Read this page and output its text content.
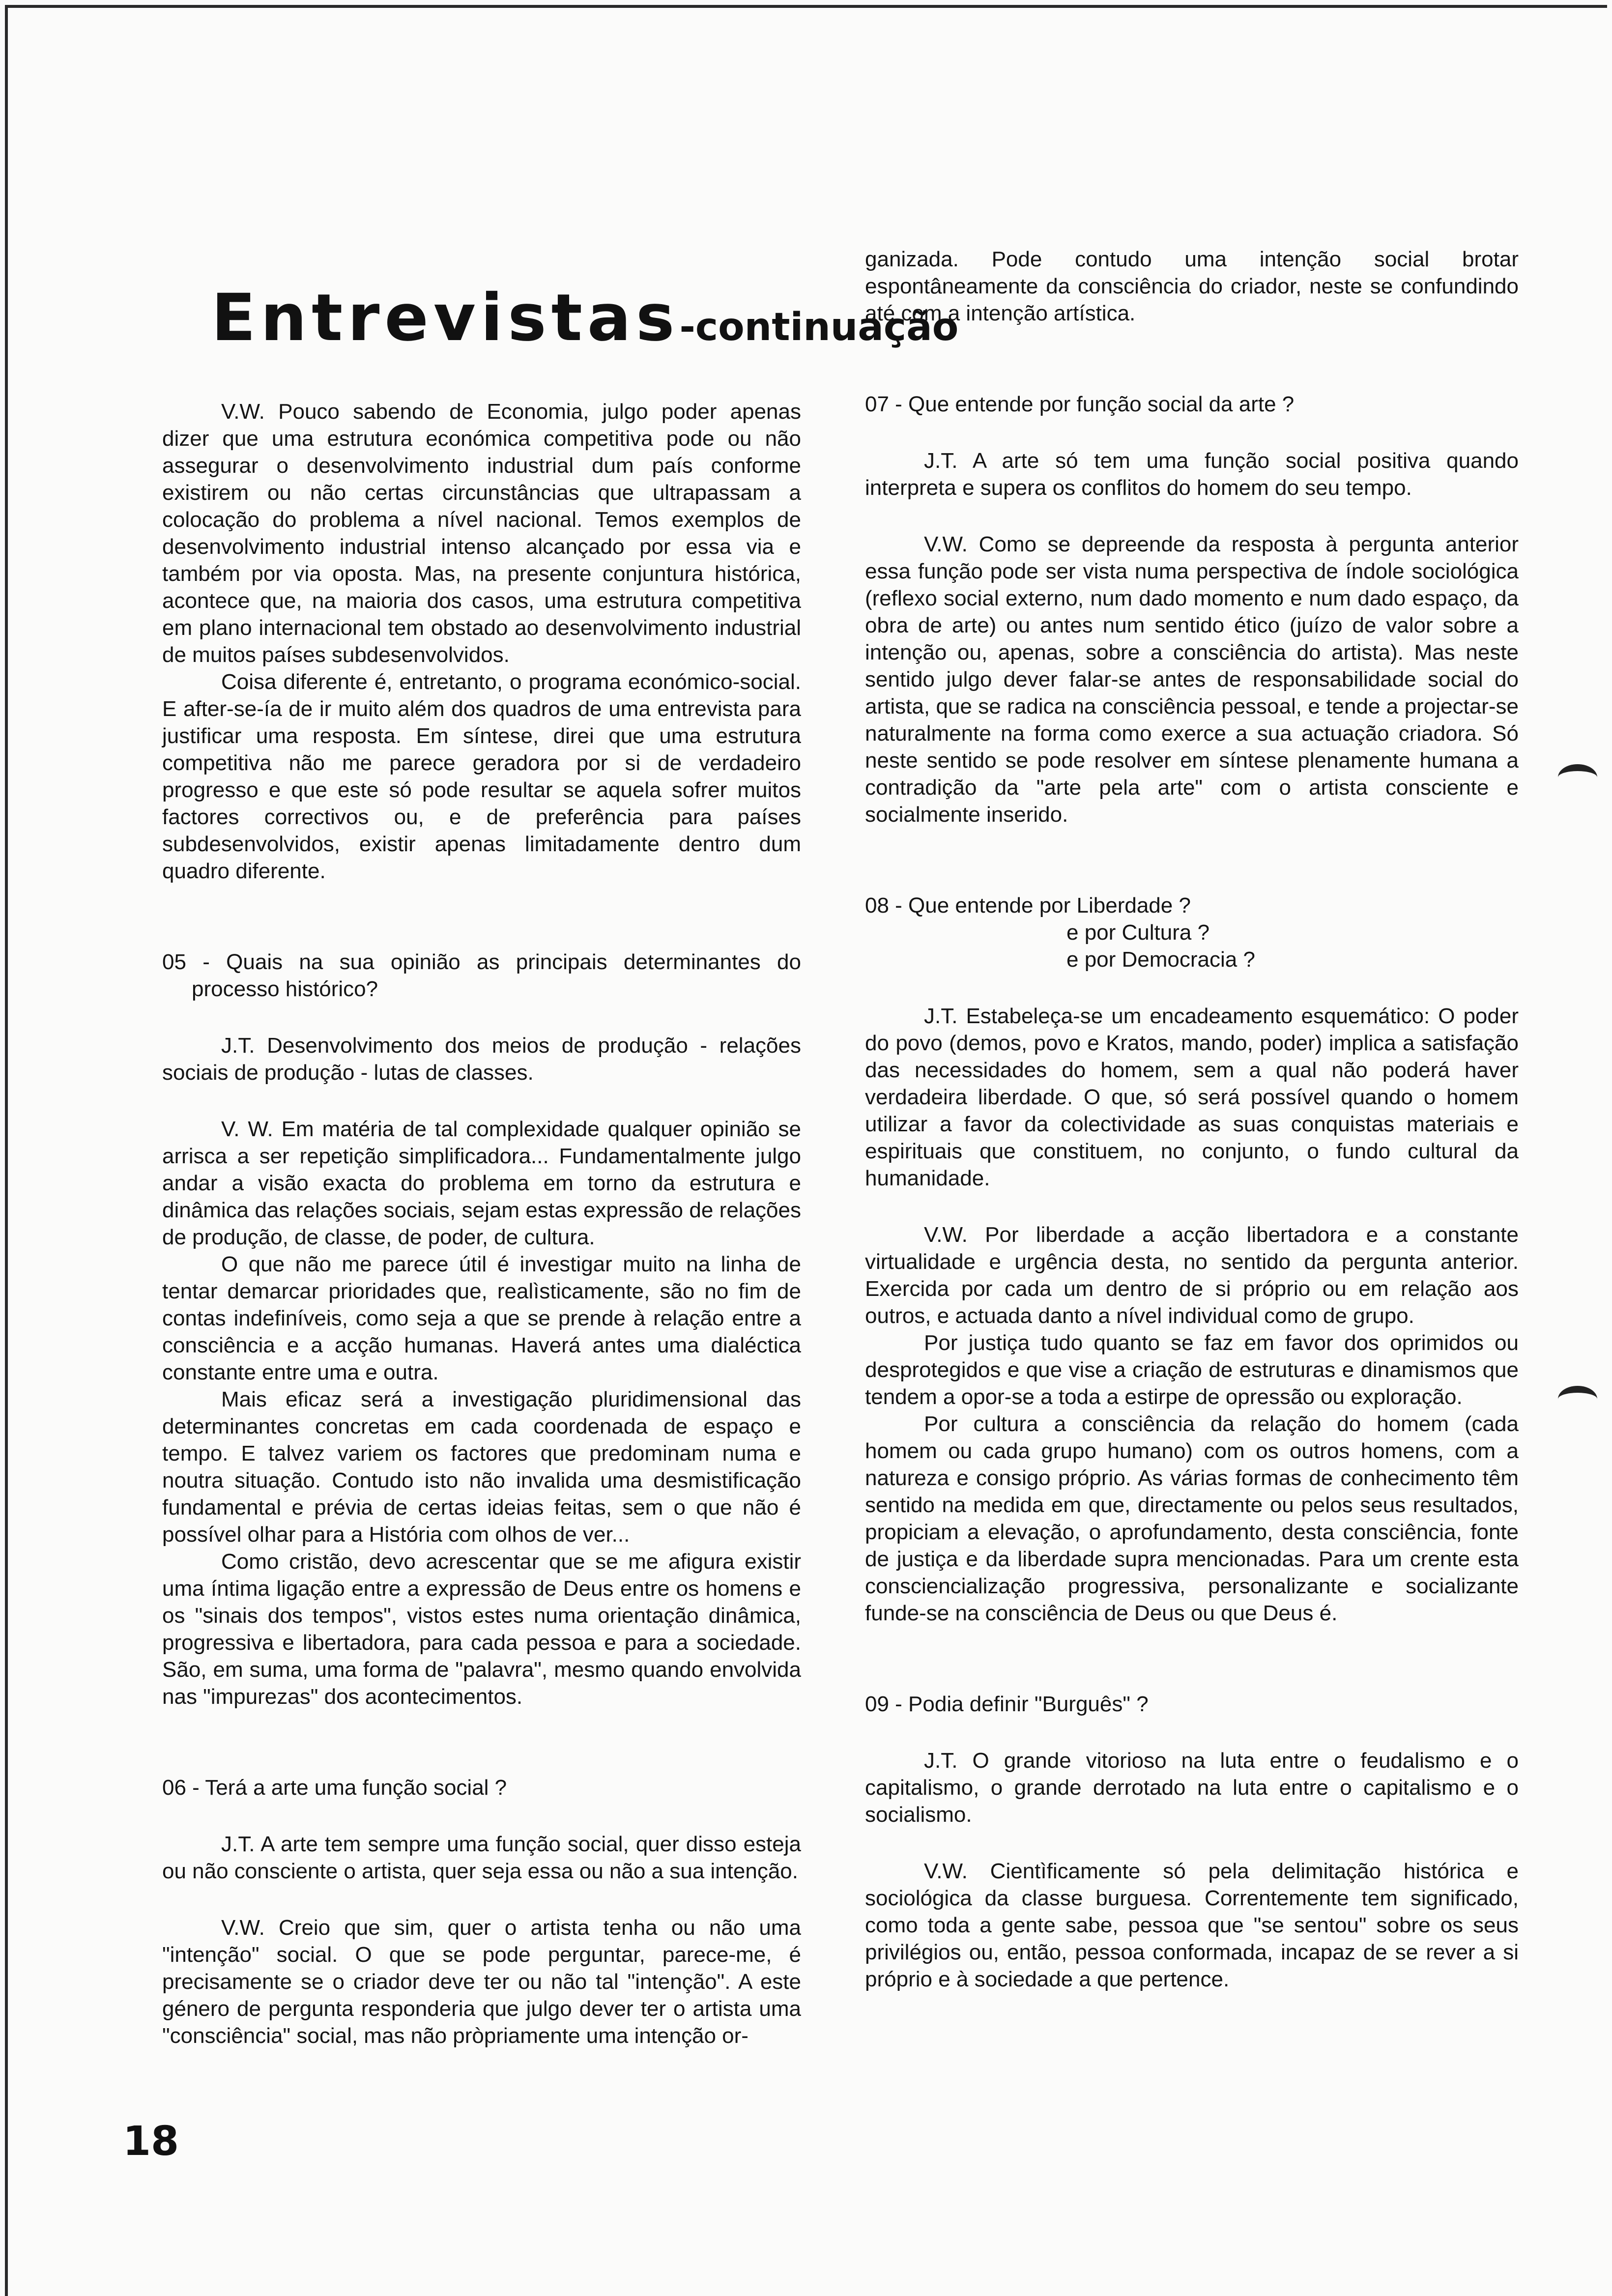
Entrevistas-continuação

V.W. Pouco sabendo de Economia, julgo poder apenas dizer que uma estrutura económica competitiva pode ou não assegurar o desenvolvimento industrial dum país conforme existirem ou não certas circunstâncias que ultrapassam a colocação do problema a nível nacional. Temos exemplos de desenvolvimento industrial intenso alcançado por essa via e também por via oposta. Mas, na presente conjuntura histórica, acontece que, na maioria dos casos, uma estrutura competitiva em plano internacional tem obstado ao desenvolvimento industrial de muitos países subdesenvolvidos.

Coisa diferente é, entretanto, o programa económico-social. E after-se-ía de ir muito além dos quadros de uma entrevista para justificar uma resposta. Em síntese, direi que uma estrutura competitiva não me parece geradora por si de verdadeiro progresso e que este só pode resultar se aquela sofrer muitos factores correctivos ou, e de preferência para países subdesenvolvidos, existir apenas limitadamente dentro dum quadro diferente.

05 - Quais na sua opinião as principais determinantes do processo histórico?

J.T. Desenvolvimento dos meios de produção - relações sociais de produção - lutas de classes.

V. W. Em matéria de tal complexidade qualquer opinião se arrisca a ser repetição simplificadora... Fundamentalmente julgo andar a visão exacta do problema em torno da estrutura e dinâmica das relações sociais, sejam estas expressão de relações de produção, de classe, de poder, de cultura.

O que não me parece útil é investigar muito na linha de tentar demarcar prioridades que, realìsticamente, são no fim de contas indefiníveis, como seja a que se prende à relação entre a consciência e a acção humanas. Haverá antes uma dialéctica constante entre uma e outra.

Mais eficaz será a investigação pluridimensional das determinantes concretas em cada coordenada de espaço e tempo. E talvez variem os factores que predominam numa e noutra situação. Contudo isto não invalida uma desmistificação fundamental e prévia de certas ideias feitas, sem o que não é possível olhar para a História com olhos de ver...

Como cristão, devo acrescentar que se me afigura existir uma íntima ligação entre a expressão de Deus entre os homens e os "sinais dos tempos", vistos estes numa orientação dinâmica, progressiva e libertadora, para cada pessoa e para a sociedade. São, em suma, uma forma de "palavra", mesmo quando envolvida nas "impurezas" dos acontecimentos.

06 - Terá a arte uma função social ?

J.T. A arte tem sempre uma função social, quer disso esteja ou não consciente o artista, quer seja essa ou não a sua intenção.

V.W. Creio que sim, quer o artista tenha ou não uma "intenção" social. O que se pode perguntar, parece-me, é precisamente se o criador deve ter ou não tal "intenção". A este género de pergunta responderia que julgo dever ter o artista uma "consciência" social, mas não pròpriamente uma intenção or-

ganizada. Pode contudo uma intenção social brotar espontâneamente da consciência do criador, neste se confundindo até com a intenção artística.

07 - Que entende por função social da arte ?

J.T. A arte só tem uma função social positiva quando interpreta e supera os conflitos do homem do seu tempo.

V.W. Como se depreende da resposta à pergunta anterior essa função pode ser vista numa perspectiva de índole sociológica (reflexo social externo, num dado momento e num dado espaço, da obra de arte) ou antes num sentido ético (juízo de valor sobre a intenção ou, apenas, sobre a consciência do artista). Mas neste sentido julgo dever falar-se antes de responsabilidade social do artista, que se radica na consciência pessoal, e tende a projectar-se naturalmente na forma como exerce a sua actuação criadora. Só neste sentido se pode resolver em síntese plenamente humana a contradição da "arte pela arte" com o artista consciente e socialmente inserido.

08 - Que entende por Liberdade ?

e por Cultura ?

e por Democracia ?

J.T. Estabeleça-se um encadeamento esquemático: O poder do povo (demos, povo e Kratos, mando, poder) implica a satisfação das necessidades do homem, sem a qual não poderá haver verdadeira liberdade. O que, só será possível quando o homem utilizar a favor da colectividade as suas conquistas materiais e espirituais que constituem, no conjunto, o fundo cultural da humanidade.

V.W. Por liberdade a acção libertadora e a constante virtualidade e urgência desta, no sentido da pergunta anterior. Exercida por cada um dentro de si próprio ou em relação aos outros, e actuada danto a nível individual como de grupo.

Por justiça tudo quanto se faz em favor dos oprimidos ou desprotegidos e que vise a criação de estruturas e dinamismos que tendem a opor-se a toda a estirpe de opressão ou exploração.

Por cultura a consciência da relação do homem (cada homem ou cada grupo humano) com os outros homens, com a natureza e consigo próprio. As várias formas de conhecimento têm sentido na medida em que, directamente ou pelos seus resultados, propiciam a elevação, o aprofundamento, desta consciência, fonte de justiça e da liberdade supra mencionadas. Para um crente esta consciencialização progressiva, personalizante e socializante funde-se na consciência de Deus ou que Deus é.

09 - Podia definir "Burguês" ?

J.T. O grande vitorioso na luta entre o feudalismo e o capitalismo, o grande derrotado na luta entre o capitalismo e o socialismo.

V.W. Cientìficamente só pela delimitação histórica e sociológica da classe burguesa. Correntemente tem significado, como toda a gente sabe, pessoa que "se sentou" sobre os seus privilégios ou, então, pessoa conformada, incapaz de se rever a si próprio e à sociedade a que pertence.

18
